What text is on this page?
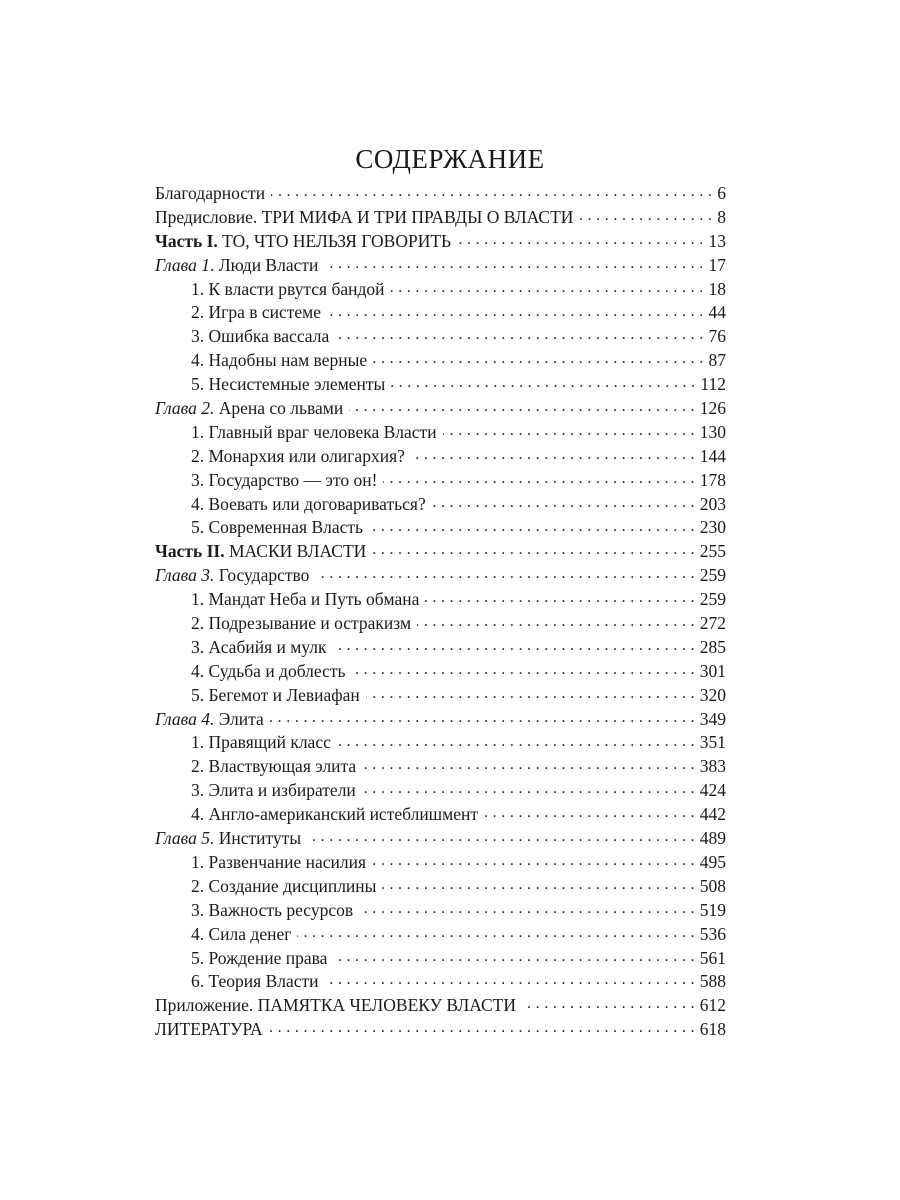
СОДЕРЖАНИЕ
Благодарности . . .	6
Предисловие. ТРИ МИФА И ТРИ ПРАВДЫ О ВЛАСТИ . . .	8
Часть I. ТО, ЧТО НЕЛЬЗЯ ГОВОРИТЬ . . .	13
Глава 1. Люди Власти . . .	17
1. К власти рвутся бандой . . .	18
2. Игра в системе . . .	44
3. Ошибка вассала . . .	76
4. Надобны нам верные . . .	87
5. Несистемные элементы . . .	112
Глава 2. Арена со львами . . .	126
1. Главный враг человека Власти . . .	130
2. Монархия или олигархия? . . .	144
3. Государство — это он! . . .	178
4. Воевать или договариваться? . . .	203
5. Современная Власть . . .	230
Часть II. МАСКИ ВЛАСТИ . . .	255
Глава 3. Государство . . .	259
1. Мандат Неба и Путь обмана . . .	259
2. Подрезывание и остракизм . . .	272
3. Асабийя и мулк . . .	285
4. Судьба и доблесть . . .	301
5. Бегемот и Левиафан . . .	320
Глава 4. Элита . . .	349
1. Правящий класс . . .	351
2. Властвующая элита . . .	383
3. Элита и избиратели . . .	424
4. Англо-американский истеблишмент . . .	442
Глава 5. Институты . . .	489
1. Развенчание насилия . . .	495
2. Создание дисциплины . . .	508
3. Важность ресурсов . . .	519
4. Сила денег . . .	536
5. Рождение права . . .	561
6. Теория Власти . . .	588
Приложение. ПАМЯТКА ЧЕЛОВЕКУ ВЛАСТИ . . .	612
ЛИТЕРАТУРА . . .	618
